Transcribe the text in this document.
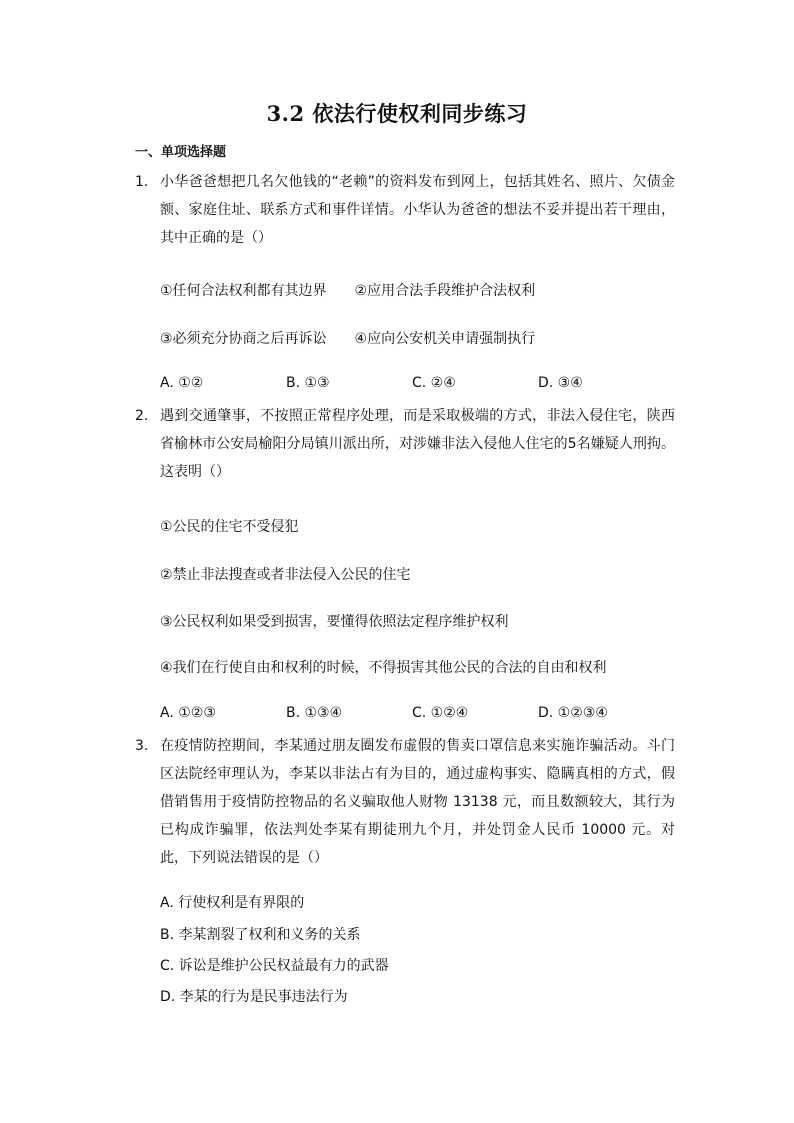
3.2 依法行使权利同步练习
一、单项选择题
1. 小华爸爸想把几名欠他钱的“老赖”的资料发布到网上，包括其姓名、照片、欠债金额、家庭住址、联系方式和事件详情。小华认为爸爸的想法不妥并提出若干理由，其中正确的是（）
①任何合法权利都有其边界　　②应用合法手段维护合法权利
③必须充分协商之后再诉讼　　④应向公安机关申请强制执行
A. ①②	B. ①③	C. ②④	D. ③④
2. 遇到交通肇事，不按照正常程序处理，而是采取极端的方式，非法入侵住宅，陕西省榆林市公安局榆阳分局镇川派出所，对涉嫌非法入侵他人住宅的5名嫌疑人刑拘。这表明（）
①公民的住宅不受侵犯
②禁止非法搜查或者非法侵入公民的住宅
③公民权利如果受到损害，要懂得依照法定程序维护权利
④我们在行使自由和权利的时候，不得损害其他公民的合法的自由和权利
A. ①②③	B. ①③④	C. ①②④	D. ①②③④
3. 在疫情防控期间，李某通过朋友圈发布虚假的售卖口罩信息来实施诈骗活动。斗门区法院经审理认为，李某以非法占有为目的，通过虚构事实、隐瞒真相的方式，假借销售用于疫情防控物品的名义骗取他人财物 13138 元，而且数额较大，其行为已构成诈骗罪，依法判处李某有期徒刑九个月，并处罚金人民币 10000 元。对此，下列说法错误的是（）
A. 行使权利是有界限的
B. 李某割裂了权利和义务的关系
C. 诉讼是维护公民权益最有力的武器
D. 李某的行为是民事违法行为
